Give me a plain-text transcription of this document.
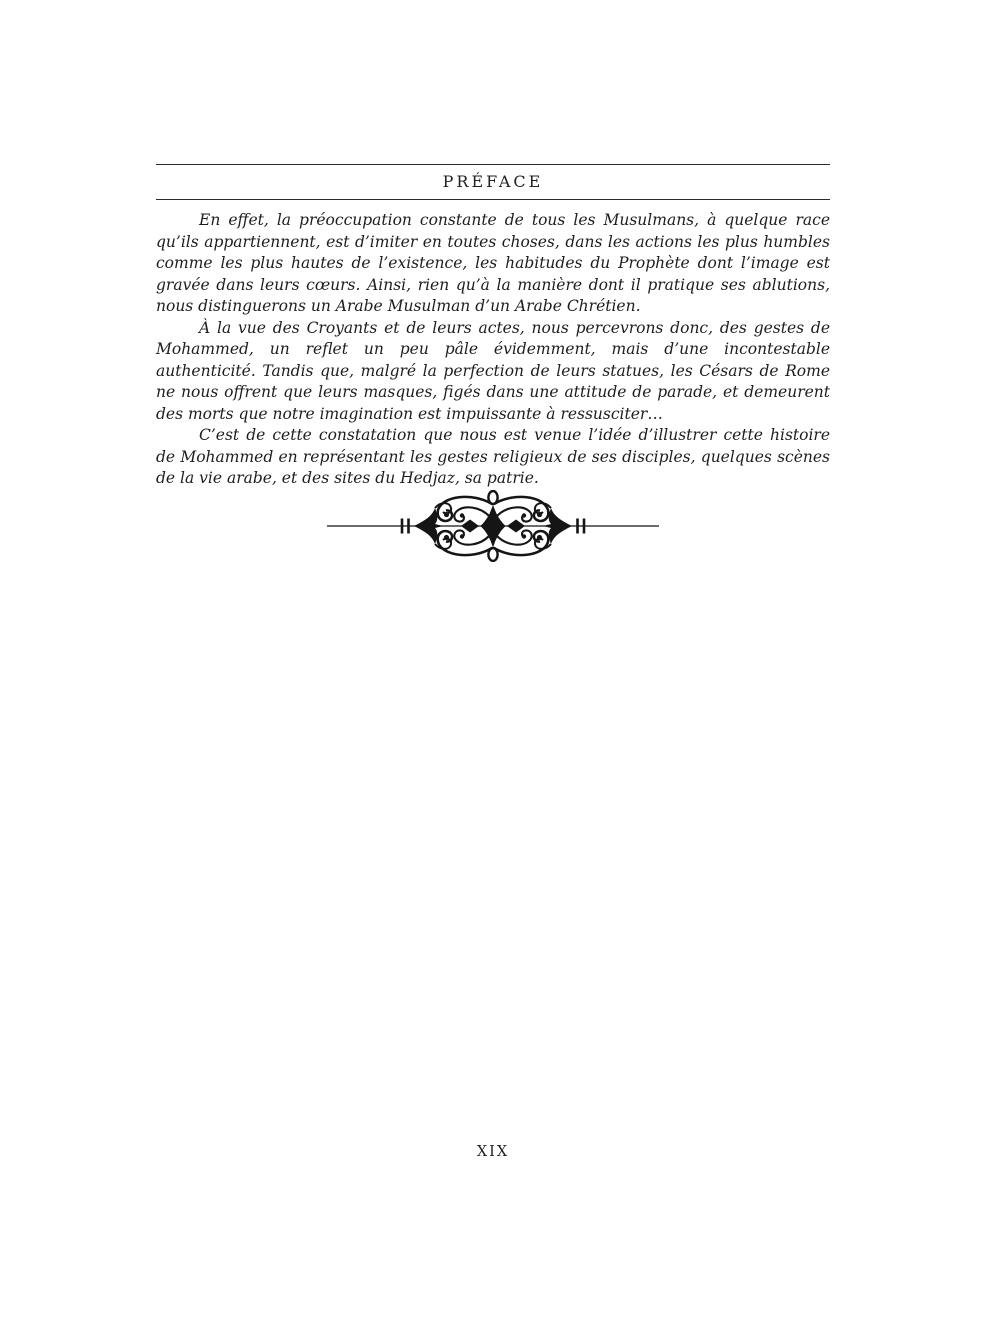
PRÉFACE

En effet, la préoccupation constante de tous les Musulmans, à quelque race qu’ils appartiennent, est d’imiter en toutes choses, dans les actions les plus humbles comme les plus hautes de l’existence, les habitudes du Prophète dont l’image est gravée dans leurs cœurs. Ainsi, rien qu’à la manière dont il pratique ses ablutions, nous distinguerons un Arabe Musulman d’un Arabe Chrétien.

À la vue des Croyants et de leurs actes, nous percevrons donc, des gestes de Mohammed, un reflet un peu pâle évidemment, mais d’une incontestable authenticité. Tandis que, malgré la perfection de leurs statues, les Césars de Rome ne nous offrent que leurs masques, figés dans une attitude de parade, et demeurent des morts que notre imagination est impuissante à ressusciter…

C’est de cette constatation que nous est venue l’idée d’illustrer cette histoire de Mohammed en représentant les gestes religieux de ses disciples, quelques scènes de la vie arabe, et des sites du Hedjaz, sa patrie.

XIX
